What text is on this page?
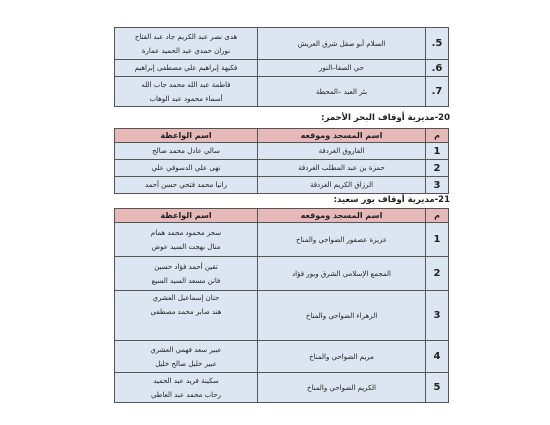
5.	السلام أبو صقل شرق العريش	هدى نصر عبد الكريم جاد عبد الفتاح
نوران حمدي عبد الحميد عمارة

6.	حي الصفا–النور	فكيهة إبراهيم علي مصطفى إبراهيم

7.	بئر العبد –المحطة	فاطمة عبد الله محمد جاب الله
أسماء محمود عبد الوهاب
20-مديرية أوقاف البحر الأحمر:
م	اسم المسجد وموقعه	اسم الواعظة
1	الفاروق الغردقة	سالي عادل محمد صالح
2	حمزة بن عبد المطلب الغردقة	نهى علي الدسوقي علي
3	الرزاق الكريم الغردقة	رانيا محمد فتحي حسن أحمد
21-مديرية أوقاف بور سعيد:
م	اسم المسجد وموقعه	اسم الواعظة
1	عزيزة عصفور الضواحي والمناخ	سحر محمود محمد همام
منال بهجت السيد عوض

2	المجمع الإسلامي الشرق وبور فؤاد	تقين أحمد فؤاد حسين
فاتن مسعد السيد السيع

3	الزهراء الضواحي والمناخ	حنان إسماعيل العشري
هند صابر محمد مصطفى

4	مريم الضواحي والمناخ	عبير سعد فهمي العشري
عبير خليل صالح خليل

5	الكريم الضواحي والمناخ	سكينة فريد عبد الحميد
رحاب محمد عبد العاطي
